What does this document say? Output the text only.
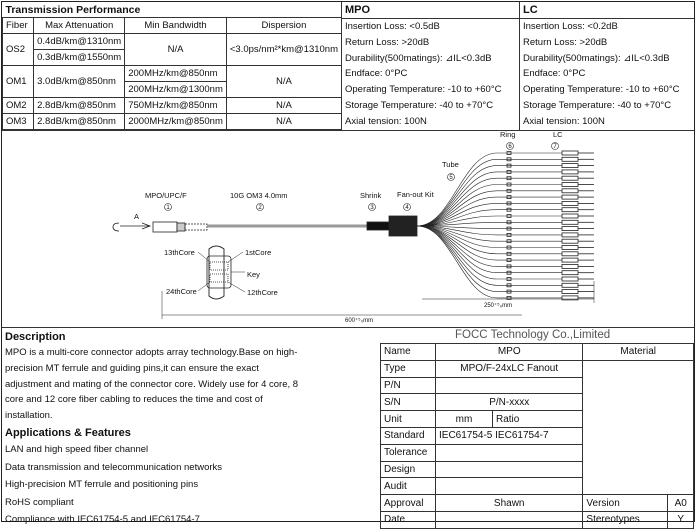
Transmission Performance			
Fiber	Max Attenuation	Min Bandwidth	Dispersion
OS2	0.4dB/km@1310nm	N/A	<3.0ps/nm²*km@1310nm
	0.3dB/km@1550nm		
OM1	3.0dB/km@850nm	200MHz/km@850nm	N/A
		200MHz/km@1300nm	
OM2	2.8dB/km@850nm	750MHz/km@850nm	N/A
OM3	2.8dB/km@850nm	2000MHz/km@850nm	N/A
MPO
Insertion Loss: <0.5dB
Return Loss: >20dB
Durability(500matings): ⊿IL<0.3dB
Endface: 0°PC
Operating Temperature: -10 to +60°C
Storage Temperature: -40 to +70°C
Axial tension: 100N
LC
Insertion Loss: <0.2dB
Return Loss: >20dB
Durability(500matings): ⊿IL<0.3dB
Endface: 0°PC
Operating Temperature: -10 to +60°C
Storage Temperature: -40 to +70°C
Axial tension: 100N
MPO/UPC/F	10G OM3 4.0mm	Shrink Fan-out Kit
Tube
Ring	LC
A
13thCore	1stCore
Key
24thCore	12thCore
600⁺⁵₀mm
250⁺⁵₀mm
1	2	3	4
5
6	7

Description

MPO is a multi-core connector adopts array technology.Base on high-

precision MT ferrule and guiding pins,it can ensure the exact

adjustment and mating of the connector core. Widely use for 4 core, 8

core and 12 core fiber cabling to reduces the time and cost of

installation.

Applications & Features

LAN and high speed fiber channel

Data transmission and telecommunication networks

High-precision MT ferrule and positioning pins

RoHS compliant

Compliance with IEC61754-5 and IEC61754-7

FOCC Technology Co.,Limited
Name	MPO		Material	
Type	MPO/F-24xLC Fanout			
P/N				
S/N	P/N-xxxx			
Unit	mm	Ratio		
Standard	IEC61754-5 IEC61754-7			
Tolerance				
Design				
Audit				
Approval	Shawn		Version	A0
Date			Stereotypes	Y
